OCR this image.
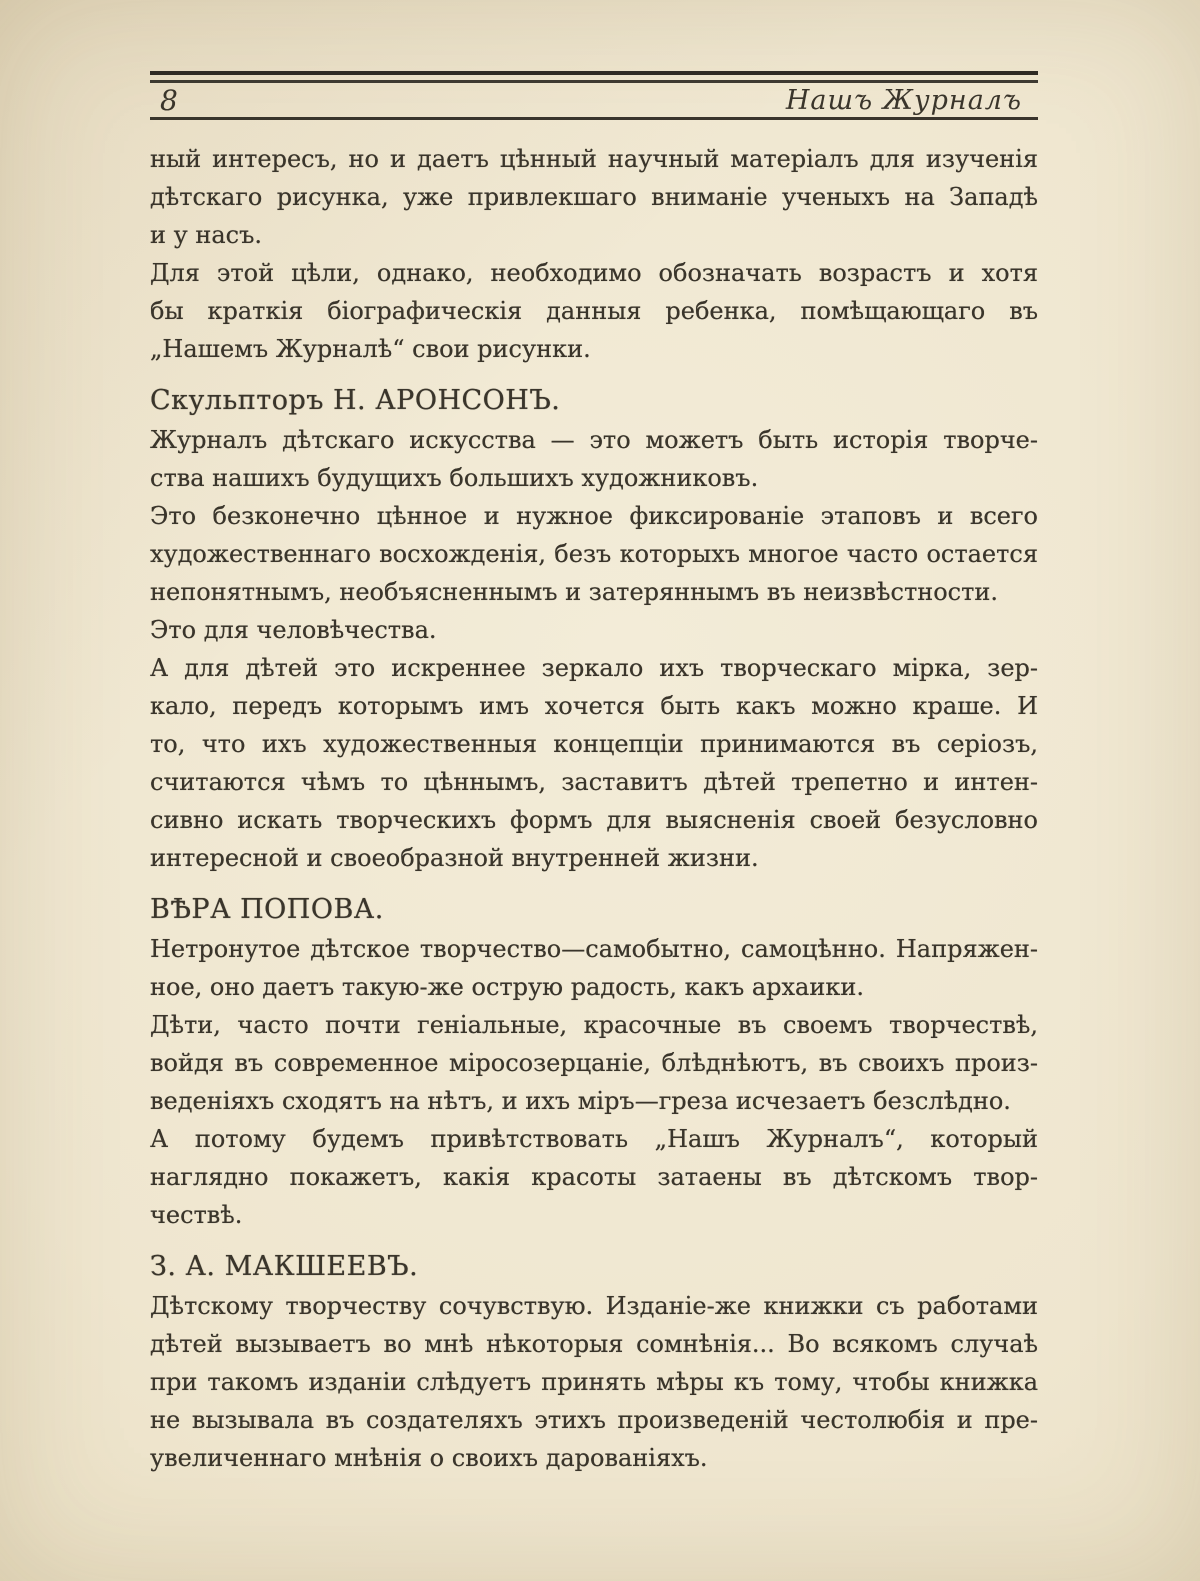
8	Нашъ Журналъ

ный интересъ, но и даетъ цѣнный научный матеріалъ для изученія
дѣтскаго рисунка, уже привлекшаго вниманіе ученыхъ на Западѣ
и у насъ.

Для этой цѣли, однако, необходимо обозначать возрастъ и хотя
бы краткія біографическія данныя ребенка, помѣщающаго въ
„Нашемъ Журналѣ“ свои рисунки.

Скульпторъ Н. АРОНСОНЪ.

Журналъ дѣтскаго искусства — это можетъ быть исторія творче-
ства нашихъ будущихъ большихъ художниковъ.

Это безконечно цѣнное и нужное фиксированіе этаповъ и всего
художественнаго восхожденія, безъ которыхъ многое часто остается
непонятнымъ, необъясненнымъ и затеряннымъ въ неизвѣстности.

Это для человѣчества.

А для дѣтей это искреннее зеркало ихъ творческаго мірка, зер-
кало, передъ которымъ имъ хочется быть какъ можно краше. И
то, что ихъ художественныя концепціи принимаются въ серіозъ,
считаются чѣмъ то цѣннымъ, заставитъ дѣтей трепетно и интен-
сивно искать творческихъ формъ для выясненія своей безусловно
интересной и своеобразной внутренней жизни.

ВѢРА ПОПОВА.

Нетронутое дѣтское творчество—самобытно, самоцѣнно. Напряжен-
ное, оно даетъ такую-же острую радость, какъ архаики.

Дѣти, часто почти геніальные, красочные въ своемъ творчествѣ,
войдя въ современное міросозерцаніе, блѣднѣютъ, въ своихъ произ-
веденіяхъ сходятъ на нѣтъ, и ихъ міръ—греза исчезаетъ безслѣдно.

А потому будемъ привѣтствовать „Нашъ Журналъ“, который
наглядно покажетъ, какія красоты затаены въ дѣтскомъ твор-
чествѣ.

З. А. МАКШЕЕВЪ.

Дѣтскому творчеству сочувствую. Изданіе-же книжки съ работами
дѣтей вызываетъ во мнѣ нѣкоторыя сомнѣнія... Во всякомъ случаѣ
при такомъ изданіи слѣдуетъ принять мѣры къ тому, чтобы книжка
не вызывала въ создателяхъ этихъ произведеній честолюбія и пре-
увеличеннаго мнѣнія о своихъ дарованіяхъ.
